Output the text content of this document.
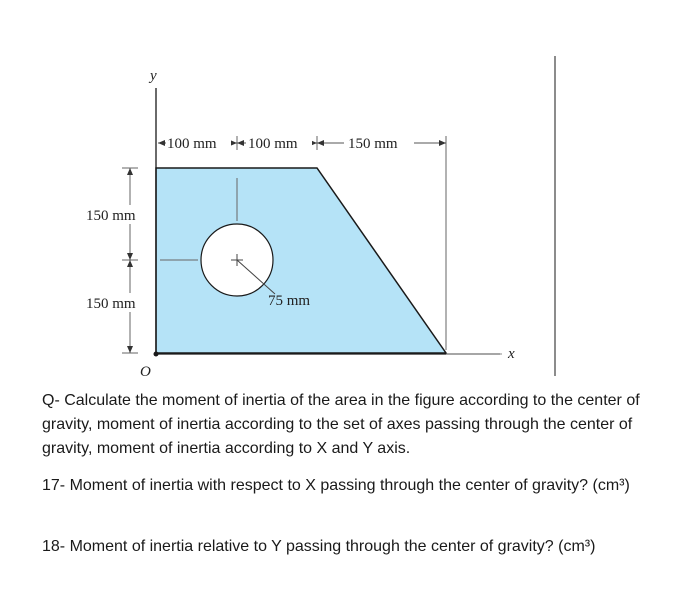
y
x
O
100 mm 100 mm	150 mm
150 mm
150 mm	75 mm

Q- Calculate the moment of inertia of the area in the figure according to the center of gravity, moment of inertia according to the set of axes passing through the center of gravity, moment of inertia according to X and Y axis.

17- Moment of inertia with respect to X passing through the center of gravity? (cm³)

18- Moment of inertia relative to Y passing through the center of gravity? (cm³)
